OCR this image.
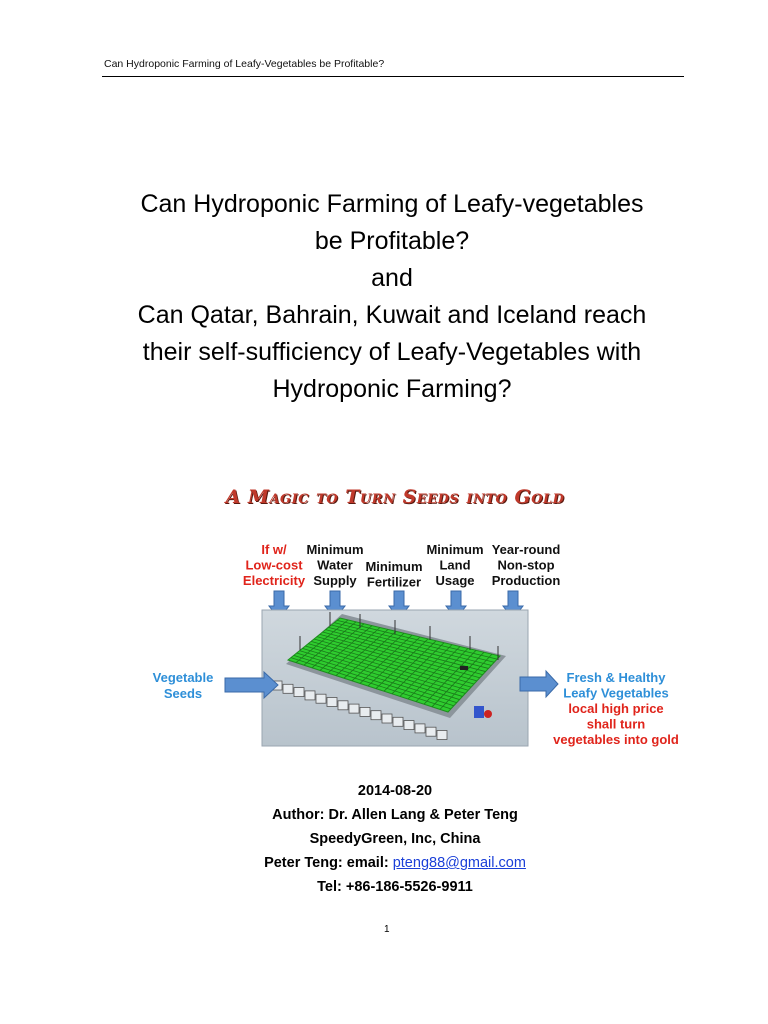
Can Hydroponic Farming of Leafy-Vegetables be Profitable?
Can Hydroponic Farming of Leafy-vegetables
be Profitable?
and
Can Qatar, Bahrain, Kuwait and Iceland reach
their self-sufficiency of Leafy-Vegetables with
Hydroponic Farming?
A Magic to Turn Seeds into Gold
If w/
Low-cost
Electricity
Minimum
Water
Supply
Minimum
Fertilizer
Minimum
Land
Usage
Year-round
Non-stop
Production
Vegetable
Seeds
Fresh & Healthy
Leafy Vegetables
local high price
shall turn
vegetables into gold
2014-08-20
Author: Dr. Allen Lang & Peter Teng
SpeedyGreen, Inc, China
Peter Teng: email: pteng88@gmail.com
Tel: +86-186-5526-9911
1
